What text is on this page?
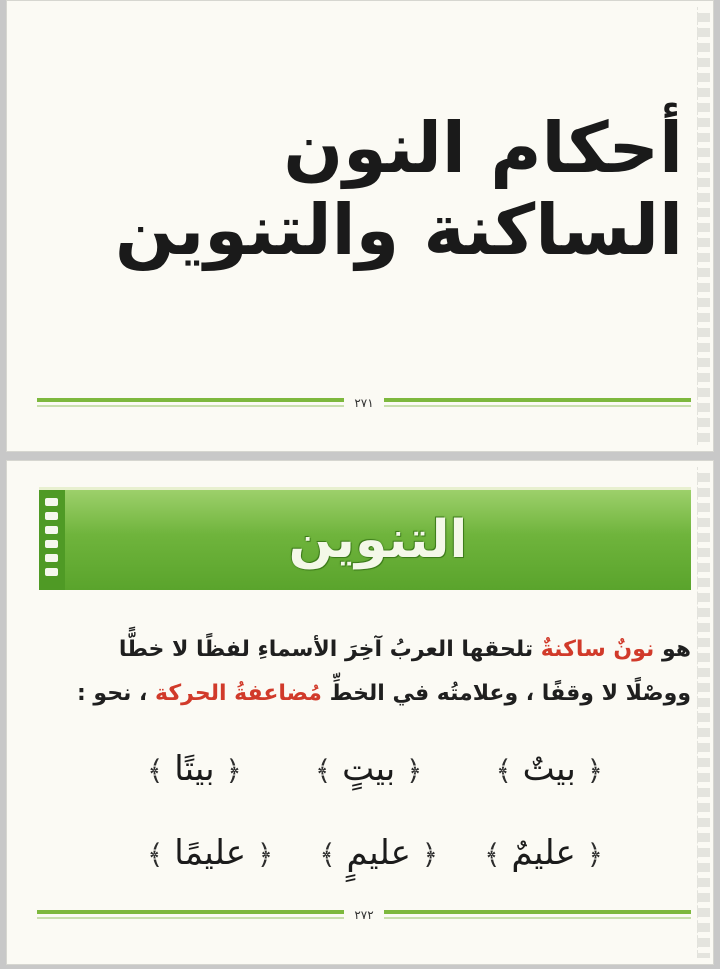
أحكام النون الساكنة والتنوين
٢٧١
التنوين
هو نونٌ ساكنةٌ تلحقها العربُ آخِرَ الأسماءِ لفظًا لا خطًّا
ووصْلًا لا وقفًا ، وعلامتُه في الخطِّ مُضاعفةُ الحركة ، نحو :
﴿ بيتٌ ﴾
﴿ بيتٍ ﴾
﴿ بيتًا ﴾
﴿ عليمٌ ﴾
﴿ عليمٍ ﴾
﴿ عليمًا ﴾
٢٧٢
